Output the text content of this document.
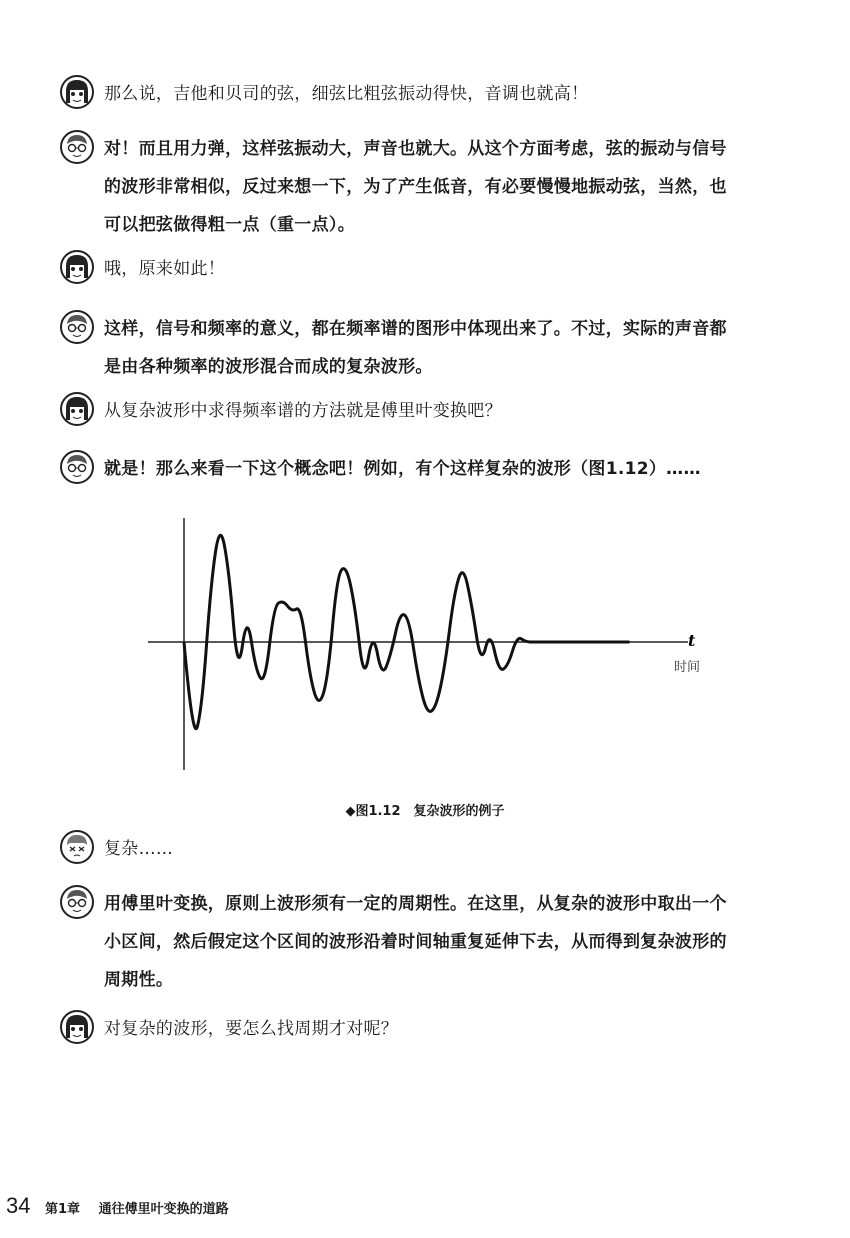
那么说，吉他和贝司的弦，细弦比粗弦振动得快，音调也就高！
对！而且用力弹，这样弦振动大，声音也就大。从这个方面考虑，弦的振动与信号
的波形非常相似，反过来想一下，为了产生低音，有必要慢慢地振动弦，当然，也
可以把弦做得粗一点（重一点）。
哦，原来如此！
这样，信号和频率的意义，都在频率谱的图形中体现出来了。不过，实际的声音都
是由各种频率的波形混合而成的复杂波形。
从复杂波形中求得频率谱的方法就是傅里叶变换吧？
就是！那么来看一下这个概念吧！例如，有个这样复杂的波形（图1.12）……
复杂……
用傅里叶变换，原则上波形须有一定的周期性。在这里，从复杂的波形中取出一个
小区间，然后假定这个区间的波形沿着时间轴重复延伸下去，从而得到复杂波形的
周期性。
对复杂的波形，要怎么找周期才对呢？
t
时间
◆图1.12　复杂波形的例子
34 第1章 通往傅里叶变换的道路
